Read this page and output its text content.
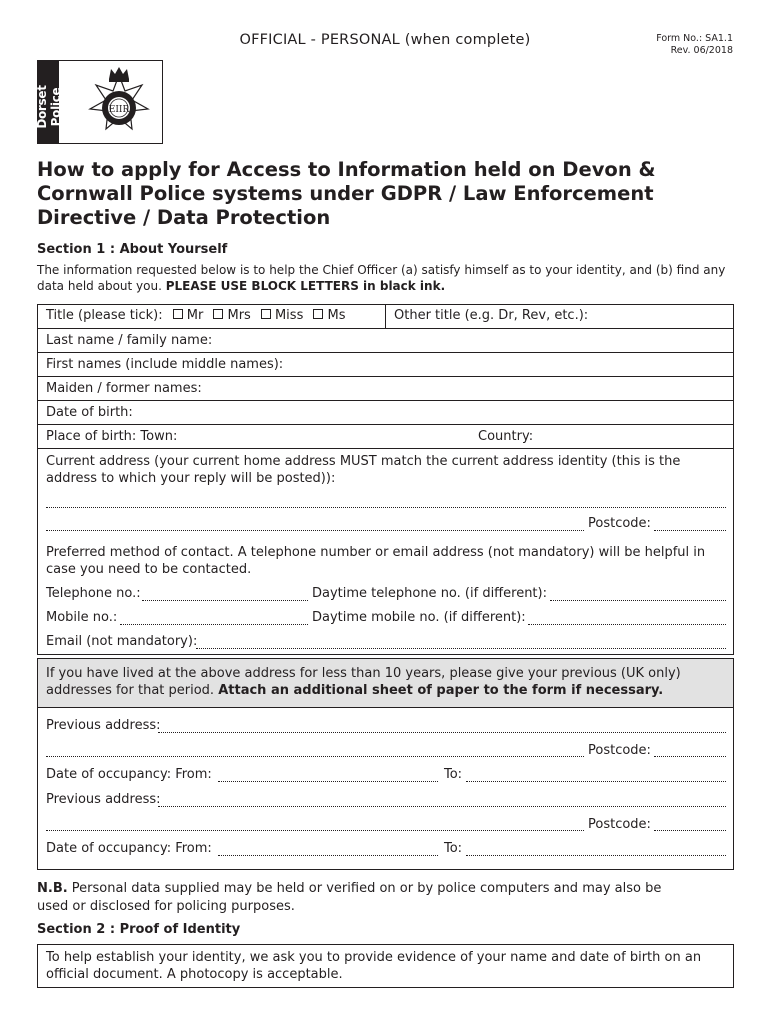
OFFICIAL - PERSONAL (when complete)	Form No.: SA1.1
Rev. 06/2018
Dorset Police	EIIR
How to apply for Access to Information held on Devon &
Cornwall Police systems under GDPR / Law Enforcement
Directive / Data Protection
Section 1 : About Yourself
The information requested below is to help the Chief Officer (a) satisfy himself as to your identity, and (b) find any
data held about you. PLEASE USE BLOCK LETTERS in black ink.
Title (please tick): Mr Mrs Miss Ms	Other title (e.g. Dr, Rev, etc.):
Last name / family name:
First names (include middle names):
Maiden / former names:
Date of birth:
Place of birth: Town:	Country:
Current address (your current home address MUST match the current address identity (this is the
address to which your reply will be posted)):
Postcode:
Preferred method of contact. A telephone number or email address (not mandatory) will be helpful in
case you need to be contacted.
Telephone no.:	Daytime telephone no. (if different):
Mobile no.:	Daytime mobile no. (if different):
Email (not mandatory):
If you have lived at the above address for less than 10 years, please give your previous (UK only)
addresses for that period. Attach an additional sheet of paper to the form if necessary.
Previous address:
Postcode:
Date of occupancy: From:	To:
Previous address:
Postcode:
Date of occupancy: From:	To:
N.B. Personal data supplied may be held or verified on or by police computers and may also be
used or disclosed for policing purposes.
Section 2 : Proof of Identity
To help establish your identity, we ask you to provide evidence of your name and date of birth on an
official document. A photocopy is acceptable.
